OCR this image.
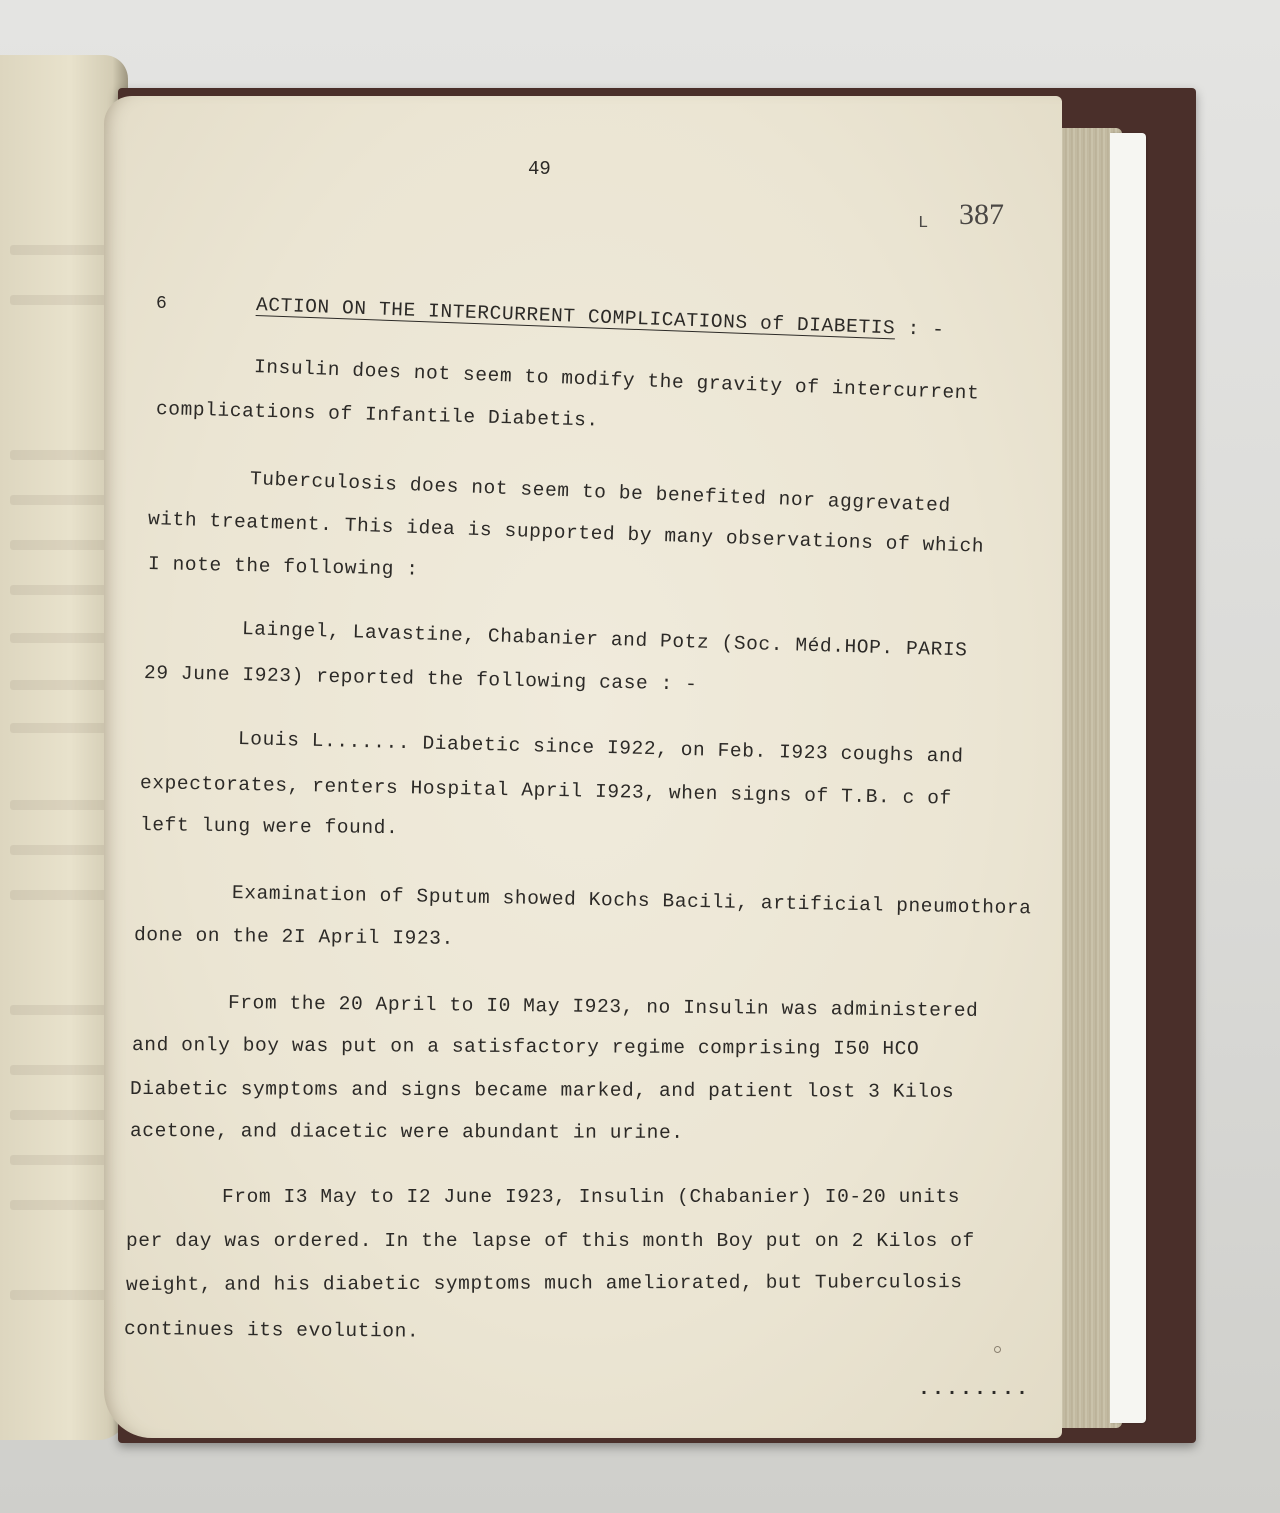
49
L 387
6	ACTION ON THE INTERCURRENT COMPLICATIONS of DIABETIS : -
Insulin does not seem to modify the gravity of intercurrent
complications of Infantile Diabetis.
Tuberculosis does not seem to be benefited nor aggrevated
with treatment. This idea is supported by many observations of which
I note the following :
Laingel, Lavastine, Chabanier and Potz (Soc. Méd.HOP. PARIS
29 June I923) reported the following case : -
Louis L....... Diabetic since I922, on Feb. I923 coughs and
expectorates, renters Hospital April I923, when signs of T.B. c of
left lung were found.
Examination of Sputum showed Kochs Bacili, artificial pneumothora
done on the 2I April I923.
From the 20 April to I0 May I923, no Insulin was administered
and only boy was put on a satisfactory regime comprising I50 HCO
Diabetic symptoms and signs became marked, and patient lost 3 Kilos
acetone, and diacetic were abundant in urine.
From I3 May to I2 June I923, Insulin (Chabanier) I0-20 units
per day was ordered. In the lapse of this month Boy put on 2 Kilos of
weight, and his diabetic symptoms much ameliorated, but Tuberculosis
continues its evolution.
........
